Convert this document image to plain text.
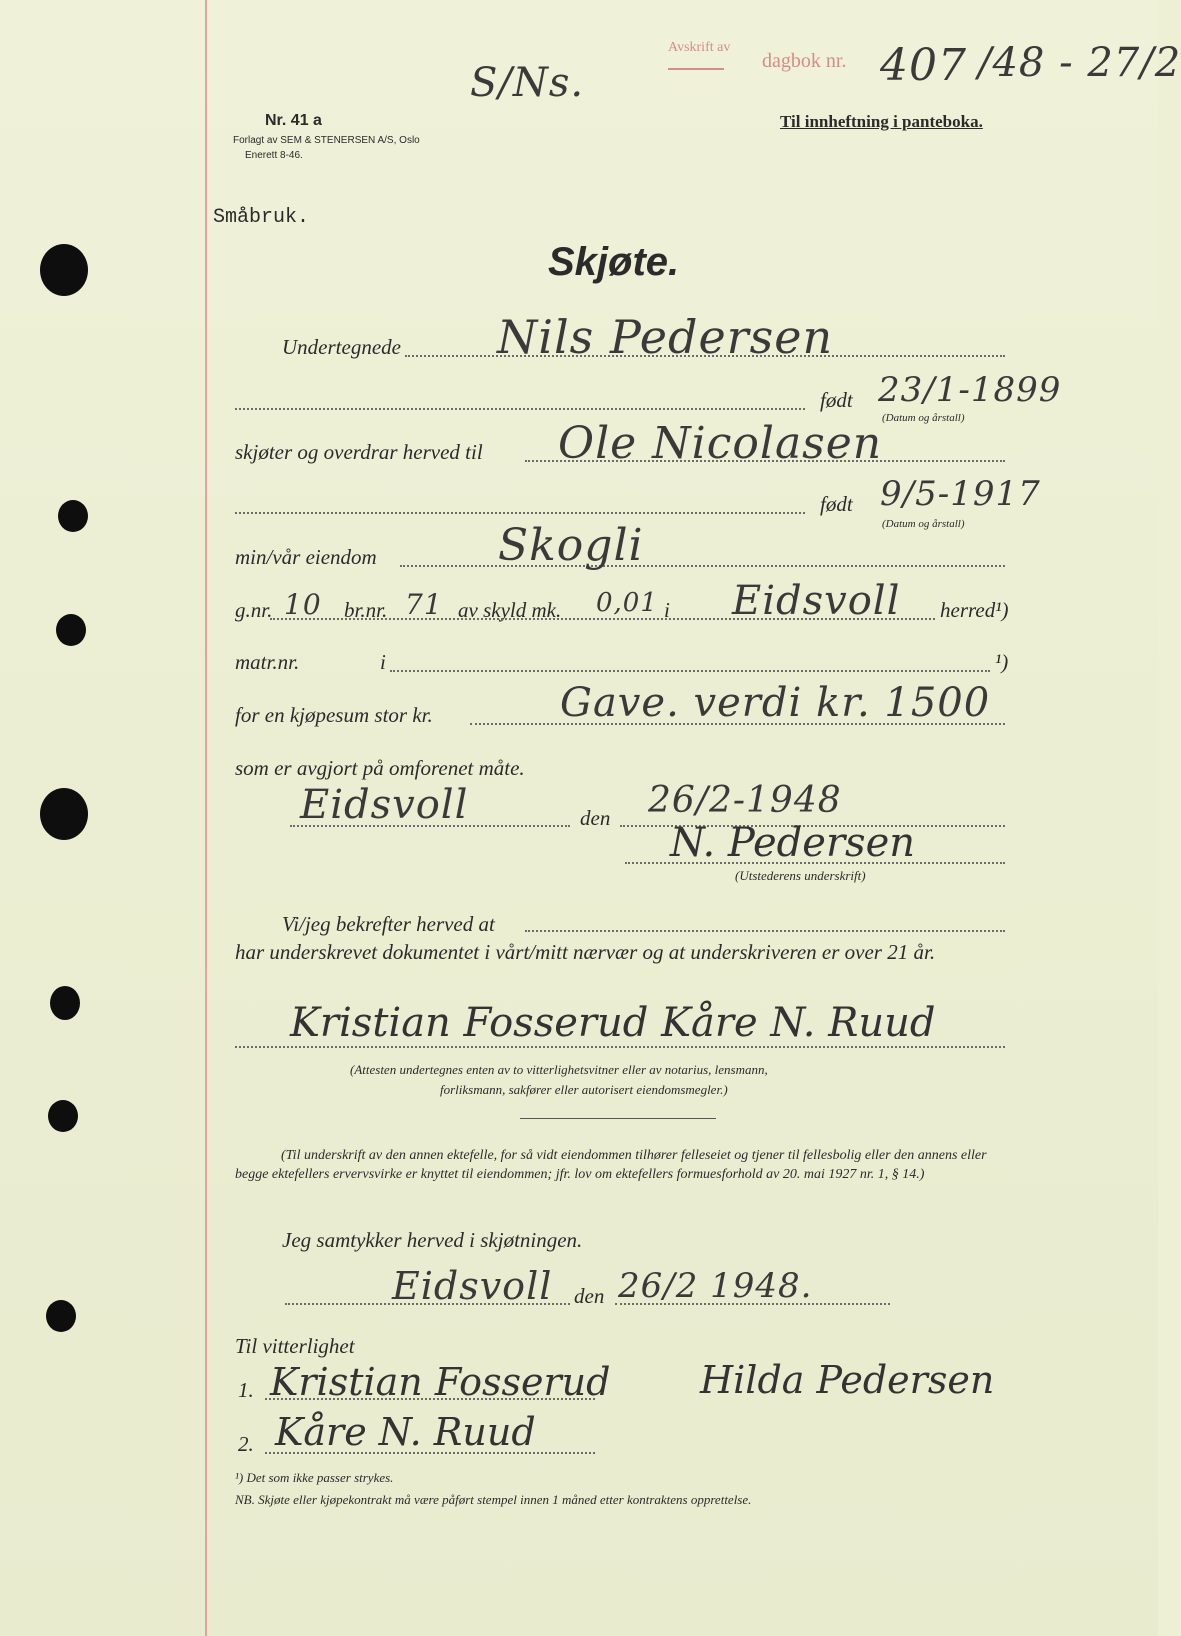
Avskrift av
dagbok nr. 407 /48 - 27/2
S/Ns.
Nr. 41 a
Forlagt av SEM & STENERSEN A/S, Oslo
Enerett 8-46.
Til innheftning i panteboka.
Småbruk.
Skjøte.
Undertegnede Nils Pedersen
født 23/1-1899
(Datum og årstall)
skjøter og overdrar herved til Ole Nicolasen
født 9/5-1917
(Datum og årstall)
min/vår eiendom	Skogli
g.nr. 10 br.nr. 71 av skyld mk. 0,01 i Eidsvoll herred¹)
matr.nr.	i	¹)
for en kjøpesum stor kr.	Gave. verdi kr. 1500
som er avgjort på omforenet måte.
Eidsvoll	den 26/2-1948
N. Pedersen
(Utstederens underskrift)
Vi/jeg bekrefter herved at
har underskrevet dokumentet i vårt/mitt nærvær og at underskriveren er over 21 år.
Kristian Fosserud Kåre N. Ruud
(Attesten undertegnes enten av to vitterlighetsvitner eller av notarius, lensmann,
forliksmann, sakfører eller autorisert eiendomsmegler.)
(Til underskrift av den annen ektefelle, for så vidt eiendommen tilhører felleseiet og tjener til fellesbolig eller den annens eller begge ektefellers ervervsvirke er knyttet til eiendommen; jfr. lov om ektefellers formuesforhold av 20. mai 1927 nr. 1, § 14.)
Jeg samtykker herved i skjøtningen.
Eidsvoll den 26/2 1948.
Til vitterlighet
1. Kristian Fosserud
2. Kåre N. Ruud
Hilda Pedersen
¹) Det som ikke passer strykes.
NB. Skjøte eller kjøpekontrakt må være påført stempel innen 1 måned etter kontraktens opprettelse.
